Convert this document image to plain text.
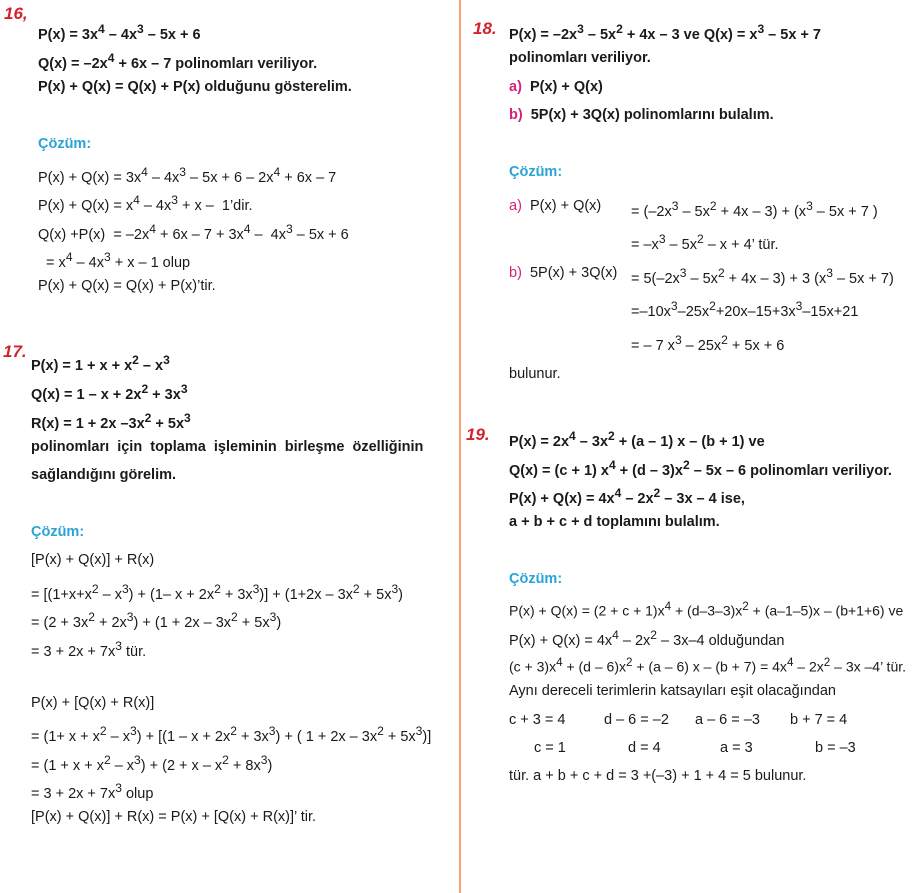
16,
$P(x) = 3x^4 - 4x^3 - 5x + 6$
$Q(x) = -2x^4 + 6x - 7$ polinomları veriliyor.
P(x) + Q(x) = Q(x) + P(x) olduğunu gösterelim.
Çözüm:
$P(x) + Q(x) = 3x^4 - 4x^3 - 5x + 6 - 2x^4 + 6x - 7$
$P(x) + Q(x) = x^4 - 4x^3 + x$ –  1’dir.
$Q(x) +P(x) = -2x^4 + 6x - 7 + 3x^4 - 4x^3 - 5x + 6$
= $x^4 - 4x^3 + x - 1$ olup
P(x) + Q(x) = Q(x) + P(x)’tir.
17.
$P(x) = 1 + x + x^2 - x^3$
$Q(x) = 1 - x + 2x^2 + 3x^3$
R(x) = 1 + 2x $-3x^2 + 5x^3$
polinomları  için  toplama  işleminin  birleşme  özelliğinin
sağlandığını görelim.
Çözüm:
[P(x) + Q(x)] + R(x)
= [$(1+x+x^2 - x^3) + (1-$ $x + 2x^2 + 3x^3)] + (1+2x - 3x^2 + 5x^3)$
= $(2 + 3x^2 + 2x^3) + (1 + 2x - 3x^2 + 5x^3)$
= $3 + 2x + 7x^3$ tür.
P(x) + [Q(x) + R(x)]
= $(1+ x + x^2 - x^3) + [(1 - x + 2x^2 + 3x^3)$ + ( $1 + 2x - 3x^2 + 5x^3$)]
= $(1 + x + x^2 - x^3) + (2 + x - x^2 + 8x^3)$
= $3 + 2x + 7x^3$ olup
[P(x) + Q(x)] + R(x) = P(x) + [Q(x) + R(x)]’ tir.
18. $P(x) = -2x^3 - 5x^2 + 4x - 3$ ve $Q(x) = x^3 - 5x + 7$
polinomları veriliyor.
a)  P(x) + Q(x)
b)  5P(x) + 3Q(x) polinomlarını bulalım.
Çözüm:
a)  $P(x) + Q(x) = (-2x^3 - 5x^2 + 4x - 3) + (x^3 - 5x + 7$ )
= $-x^3 - 5x^2 - x + 4$’ tür.
b)  $5P(x) + 3Q(x) = 5(-2x^3 - 5x^2 + 4x - 3) + 3$ $(x^3 - 5x + 7)$
$=-10x^3-25x^2+20x-15+3x^3-15x+21$
= – 7 $x^3 - 25x^2 + 5x + 6$
bulunur.
19. $P(x) = 2x^4 - 3x^2 + (a - 1)$ x – (b + 1) ve
Q(x) = (c + 1) $x^4 + (d - 3)x^2 - 5x - 6$ polinomları veriliyor.
$P(x) + Q(x) = 4x^4 - 2x^2 - 3x - 4$ ise,
a + b + c + d toplamını bulalım.
Çözüm:
$P(x) + Q(x) = (2 + c + 1)x^4 + (d-3-3)x^2 + (a-1-5)x - (b+1+6)$ ve
$P(x) + Q(x) = 4x^4 - 2x^2 - 3x-4$ olduğundan
$(c + 3)x^4 + (d - 6)x^2 + (a - 6)$ $x - (b + 7) = 4x^4 - 2x^2 - 3x$ –4’ tür.
Aynı dereceli terimlerin katsayıları eşit olacağından
c + 3 = 4	d – 6 = –2 a – 6 = –3 b + 7 = 4
c = 1	d = 4	a = 3	b = –3
tür. a + b + c + d = 3 +(–3) + 1 + 4 = 5 bulunur.
